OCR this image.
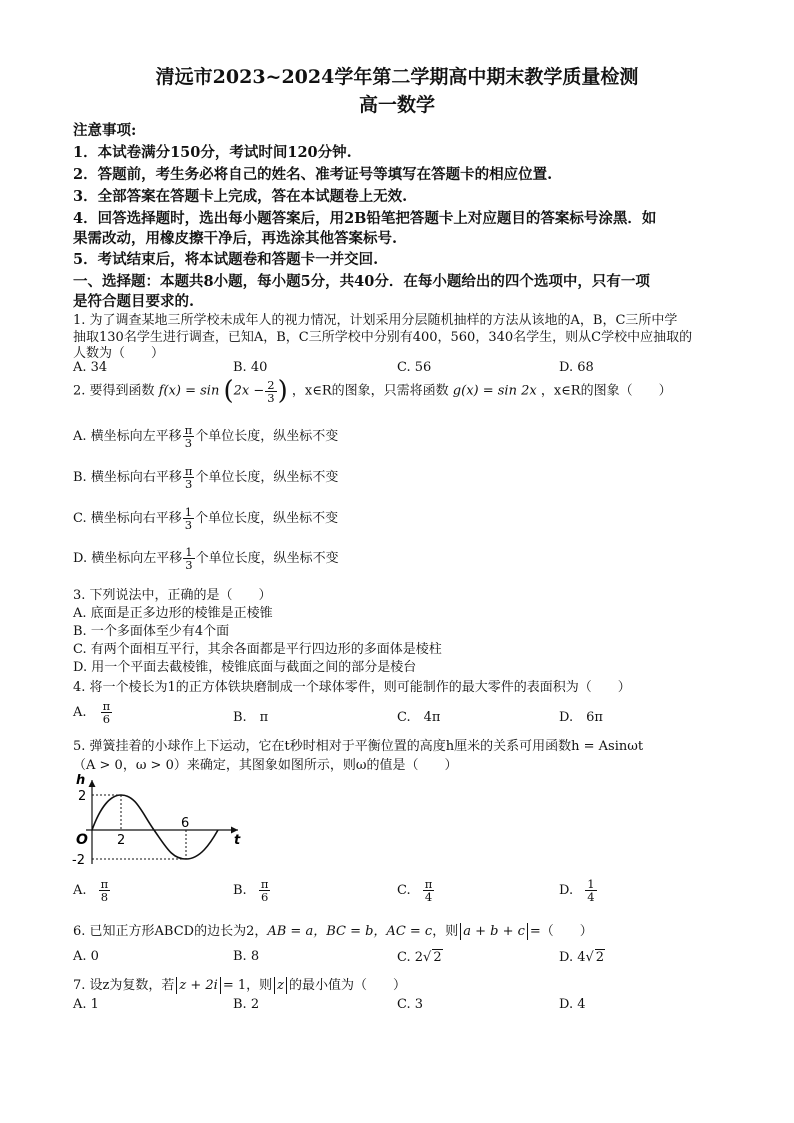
清远市2023~2024学年第二学期高中期末教学质量检测
高一数学
注意事项:
1．本试卷满分150分，考试时间120分钟.
2．答题前，考生务必将自己的姓名、准考证号等填写在答题卡的相应位置.
3．全部答案在答题卡上完成，答在本试题卷上无效.
4．回答选择题时，选出每小题答案后，用2B铅笔把答题卡上对应题目的答案标号涂黑．如
果需改动，用橡皮擦干净后，再选涂其他答案标号.
5．考试结束后，将本试题卷和答题卡一并交回.
一、选择题：本题共8小题，每小题5分，共40分．在每小题给出的四个选项中，只有一项
是符合题目要求的.
1. 为了调查某地三所学校未成年人的视力情况，计划采用分层随机抽样的方法从该地的A，B，C三所中学
抽取130名学生进行调查，已知A，B，C三所学校中分别有400，560，340名学生，则从C学校中应抽取的
人数为（　　）
A. 34	B. 40	C. 56	D. 68
2. 要得到函数 $f(x) = \sin (2x - \frac{2}{3}$ ) ，x∈R的图象，只需将函数 g(x) = sin 2x ，x∈R的图象（　　）
A. 横坐标向左平移 $\frac{\pi}{3}$ 个单位长度，纵坐标不变
B. 横坐标向右平移 $\frac{\pi}{3}$ 个单位长度，纵坐标不变
C. 横坐标向右平移 $\frac{1}{3}$ 个单位长度，纵坐标不变
D. 横坐标向左平移 $\frac{1}{3}$ 个单位长度，纵坐标不变
3. 下列说法中，正确的是（　　）
A. 底面是正多边形的棱锥是正棱锥
B. 一个多面体至少有4个面
C. 有两个面相互平行，其余各面都是平行四边形的多面体是棱柱
D. 用一个平面去截棱锥，棱锥底面与截面之间的部分是棱台
4. 将一个棱长为1的正方体铁块磨制成一个球体零件，则可能制作的最大零件的表面积为（　　）
A. $\frac{\pi}{6}$	B.　π	C.　4π	D.　6π
5. 弹簧挂着的小球作上下运动，它在t秒时相对于平衡位置的高度h厘米的关系可用函数h = Asinωt
（A > 0，ω > 0）来确定，其图象如图所示，则ω的值是（　　）
h
t
O
2
-2
2
6
A. $\frac{\pi}{8}$	B. $\frac{\pi}{6}$	C. $\frac{\pi}{4}$	D. $\frac{1}{4}$
6. 已知正方形ABCD的边长为2，AB = a，BC = b，AC = c，则 a + b + c =（　　）
A. 0	B. 8	C. 2√ 2	D. 4√ 2
7. 设z为复数，若 z + 2i = 1，则 z 的最小值为（　　）
A. 1	B. 2	C. 3	D. 4
